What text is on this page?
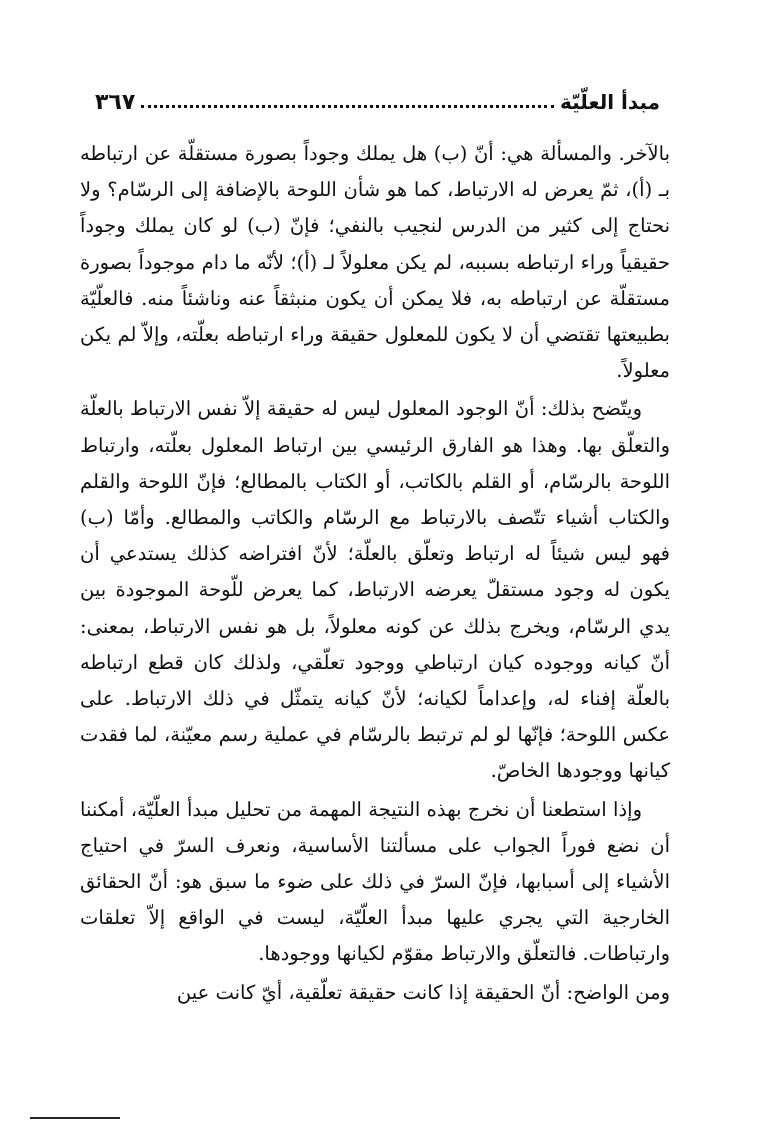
مبدأ العلّيّة
٣٦٧

بالآخر. والمسألة هي: أنّ (ب) هل يملك وجوداً بصورة مستقلّة عن ارتباطه بـ (أ)، ثمّ يعرض له الارتباط، كما هو شأن اللوحة بالإضافة إلى الرسّام؟ ولا نحتاج إلى كثير من الدرس لنجيب بالنفي؛ فإنّ (ب) لو كان يملك وجوداً حقيقياً وراء ارتباطه بسببه، لم يكن معلولاً لـ (أ)؛ لأنّه ما دام موجوداً بصورة مستقلّة عن ارتباطه به، فلا يمكن أن يكون منبثقاً عنه وناشئاً منه. فالعلّيّة بطبيعتها تقتضي أن لا يكون للمعلول حقيقة وراء ارتباطه بعلّته، وإلاّ لم يكن معلولاً.

ويتّضح بذلك: أنّ الوجود المعلول ليس له حقيقة إلاّ نفس الارتباط بالعلّة والتعلّق بها. وهذا هو الفارق الرئيسي بين ارتباط المعلول بعلّته، وارتباط اللوحة بالرسّام، أو القلم بالكاتب، أو الكتاب بالمطالع؛ فإنّ اللوحة والقلم والكتاب أشياء تتّصف بالارتباط مع الرسّام والكاتب والمطالع. وأمّا (ب) فهو ليس شيئاً له ارتباط وتعلّق بالعلّة؛ لأنّ افتراضه كذلك يستدعي أن يكون له وجود مستقلّ يعرضه الارتباط، كما يعرض للّوحة الموجودة بين يدي الرسّام، ويخرج بذلك عن كونه معلولاً، بل هو نفس الارتباط، بمعنى: أنّ كيانه ووجوده كيان ارتباطي ووجود تعلّقي، ولذلك كان قطع ارتباطه بالعلّة إفناء له، وإعداماً لكيانه؛ لأنّ كيانه يتمثّل في ذلك الارتباط. على عكس اللوحة؛ فإنّها لو لم ترتبط بالرسّام في عملية رسم معيّنة، لما فقدت كيانها ووجودها الخاصّ.

وإذا استطعنا أن نخرج بهذه النتيجة المهمة من تحليل مبدأ العلّيّة، أمكننا أن نضع فوراً الجواب على مسألتنا الأساسية، ونعرف السرّ في احتياج الأشياء إلى أسبابها، فإنّ السرّ في ذلك على ضوء ما سبق هو: أنّ الحقائق الخارجية التي يجري عليها مبدأ العلّيّة، ليست في الواقع إلاّ تعلقات وارتباطات. فالتعلّق والارتباط مقوّم لكيانها ووجودها.

ومن الواضح: أنّ الحقيقة إذا كانت حقيقة تعلّقية، أيّ كانت عين
